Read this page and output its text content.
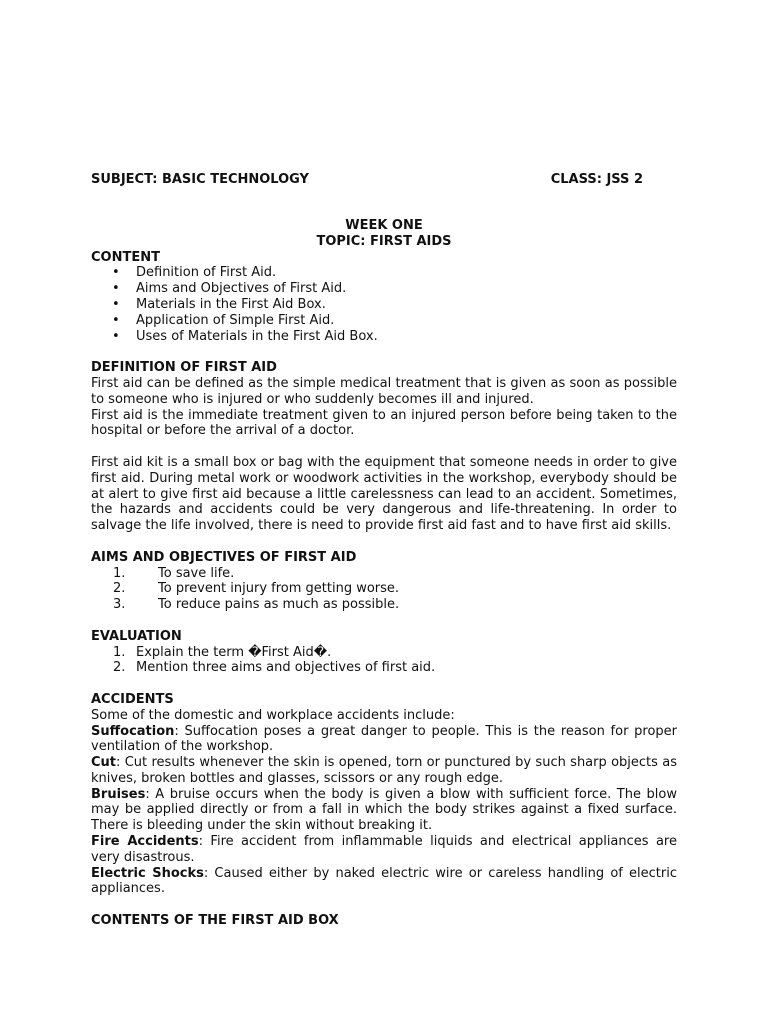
SUBJECT: BASIC TECHNOLOGY	CLASS: JSS 2
WEEK ONE
TOPIC: FIRST AIDS
CONTENT
• Definition of First Aid.
• Aims and Objectives of First Aid.
• Materials in the First Aid Box.
• Application of Simple First Aid.
• Uses of Materials in the First Aid Box.
DEFINITION OF FIRST AID

First aid can be defined as the simple medical treatment that is given as soon as possible to someone who is injured or who suddenly becomes ill and injured.

First aid is the immediate treatment given to an injured person before being taken to the hospital or before the arrival of a doctor.

First aid kit is a small box or bag with the equipment that someone needs in order to give first aid. During metal work or woodwork activities in the workshop, everybody should be at alert to give first aid because a little carelessness can lead to an accident. Sometimes, the hazards and accidents could be very dangerous and life-threatening. In order to salvage the life involved, there is need to provide first aid fast and to have first aid skills.

AIMS AND OBJECTIVES OF FIRST AID
1.	To save life.
2.	To prevent injury from getting worse.
3.	To reduce pains as much as possible.
EVALUATION
1. Explain the term �First Aid�.
2. Mention three aims and objectives of first aid.
ACCIDENTS

Some of the domestic and workplace accidents include:

Suffocation: Suffocation poses a great danger to people. This is the reason for proper ventilation of the workshop.

Cut: Cut results whenever the skin is opened, torn or punctured by such sharp objects as knives, broken bottles and glasses, scissors or any rough edge.

Bruises: A bruise occurs when the body is given a blow with sufficient force. The blow may be applied directly or from a fall in which the body strikes against a fixed surface. There is bleeding under the skin without breaking it.

Fire Accidents: Fire accident from inflammable liquids and electrical appliances are very disastrous.

Electric Shocks: Caused either by naked electric wire or careless handling of electric appliances.

CONTENTS OF THE FIRST AID BOX
